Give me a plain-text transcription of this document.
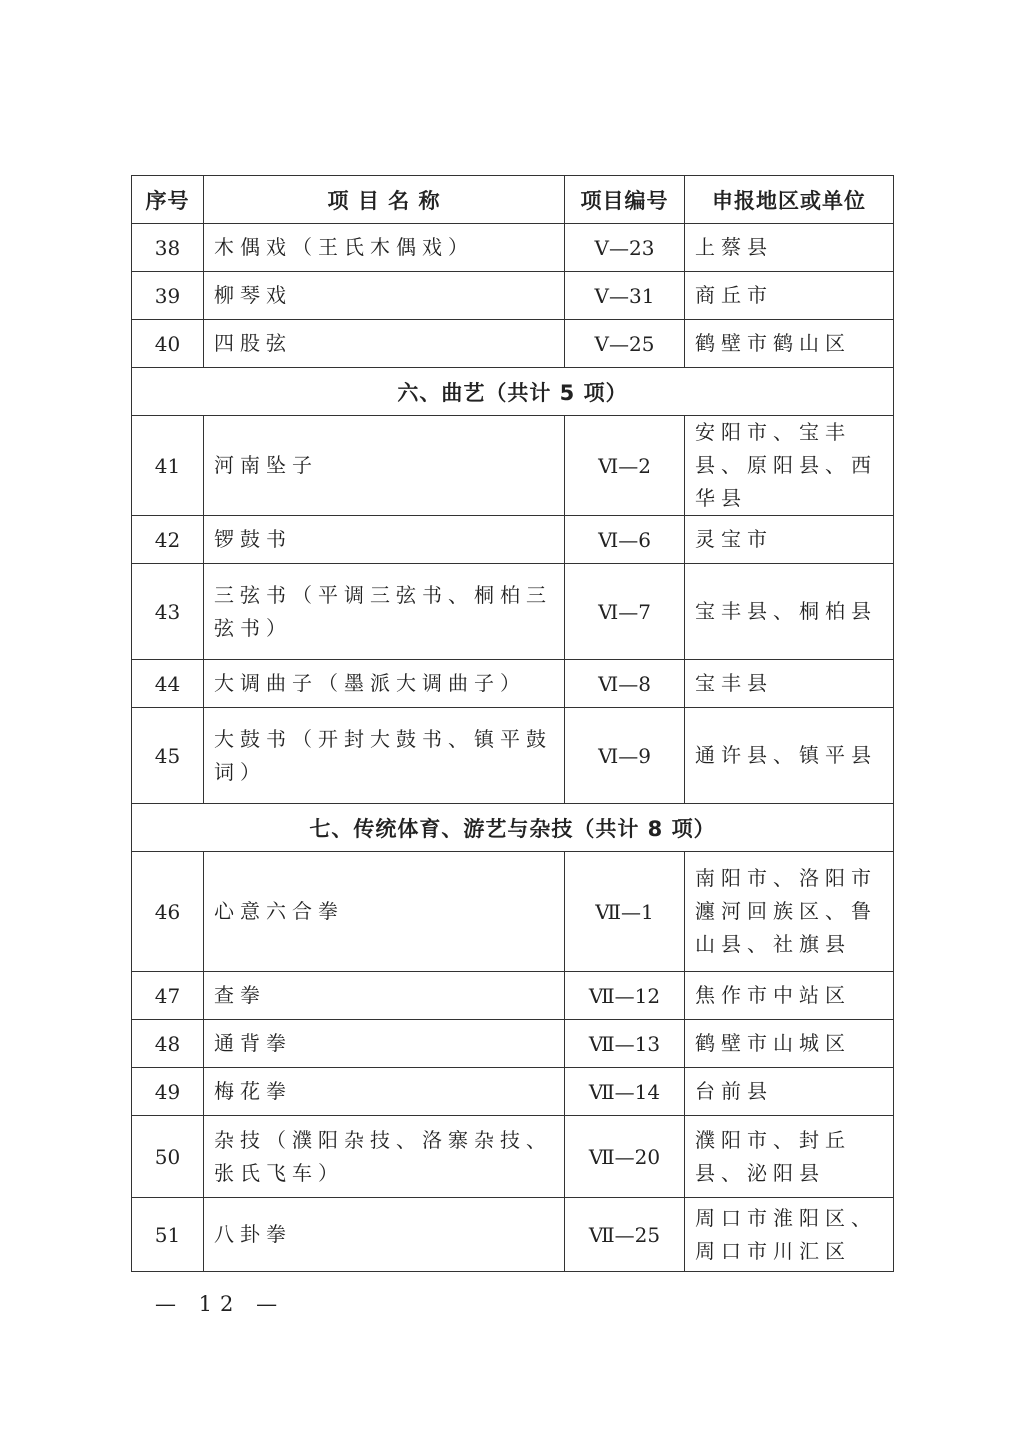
序号	项 目 名 称	项目编号	申报地区或单位
38	木偶戏（王氏木偶戏）	Ⅴ—23	上蔡县
39	柳琴戏	Ⅴ—31	商丘市
40	四股弦	Ⅴ—25	鹤壁市鹤山区
六、曲艺（共计 5 项）			
41	河南坠子	Ⅵ—2	安阳市、宝丰县、原阳县、西华县
42	锣鼓书	Ⅵ—6	灵宝市
43	三弦书（平调三弦书、桐柏三弦书）	Ⅵ—7	宝丰县、桐柏县
44	大调曲子（墨派大调曲子）	Ⅵ—8	宝丰县
45	大鼓书（开封大鼓书、镇平鼓词）	Ⅵ—9	通许县、镇平县
七、传统体育、游艺与杂技（共计 8 项）			
46	心意六合拳	Ⅶ—1	南阳市、洛阳市瀍河回族区、鲁山县、社旗县
47	查拳	Ⅶ—12	焦作市中站区
48	通背拳	Ⅶ—13	鹤壁市山城区
49	梅花拳	Ⅶ—14	台前县
50	杂技（濮阳杂技、洛寨杂技、张氏飞车）	Ⅶ—20	濮阳市、封丘县、泌阳县
51	八卦拳	Ⅶ—25	周口市淮阳区、周口市川汇区
— 12 —
